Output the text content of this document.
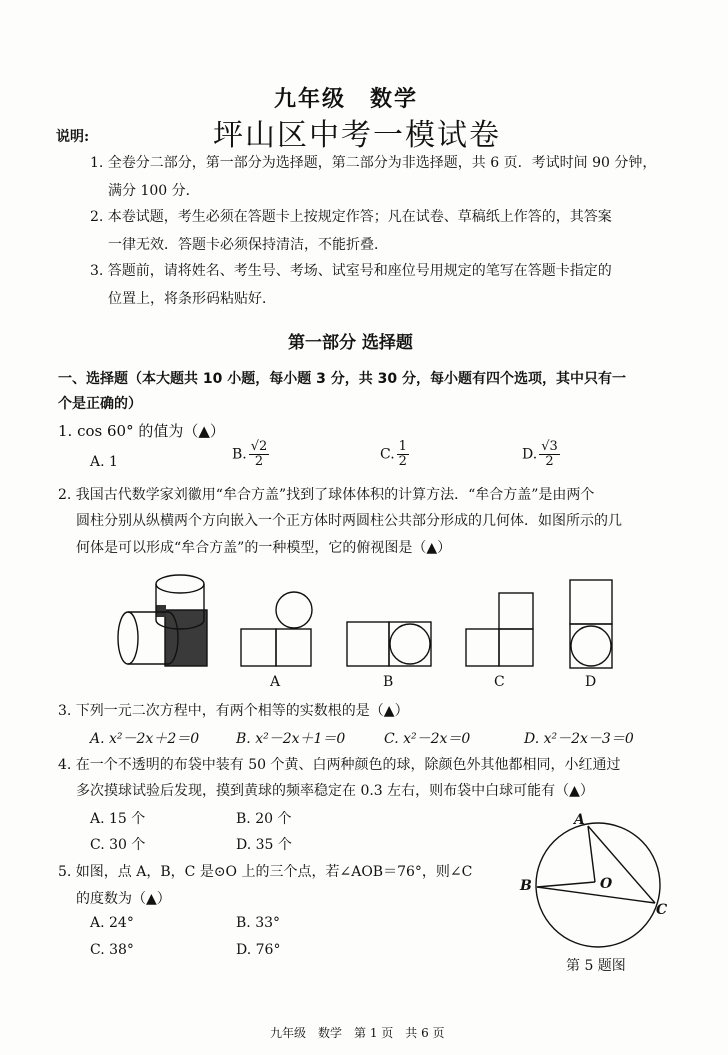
九年级　数学
坪山区中考一模试卷
说明:
1. 全卷分二部分，第一部分为选择题，第二部分为非选择题，共 6 页．考试时间 90 分钟，
满分 100 分．
2. 本卷试题，考生必须在答题卡上按规定作答；凡在试卷、草稿纸上作答的，其答案
一律无效．答题卡必须保持清洁，不能折叠．
3. 答题前，请将姓名、考生号、考场、试室号和座位号用规定的笔写在答题卡指定的
位置上，将条形码粘贴好．
第一部分 选择题
一、选择题（本大题共 10 小题，每小题 3 分，共 30 分，每小题有四个选项，其中只有一
个是正确的）
1. cos 60° 的值为（▲）
A. 1	B. $\frac{√2}{2}$	C. $\frac{1}{2}$	D. $\frac{√3}{2}$
2. 我国古代数学家刘徽用“牟合方盖”找到了球体体积的计算方法．“牟合方盖”是由两个
圆柱分别从纵横两个方向嵌入一个正方体时两圆柱公共部分形成的几何体．如图所示的几
何体是可以形成“牟合方盖”的一种模型，它的俯视图是（▲）
A	B	C	D
3. 下列一元二次方程中，有两个相等的实数根的是（▲）
A. x²－2x＋2＝0	B. x²－2x＋1＝0	C. x²－2x＝0	D. x²－2x－3＝0
4. 在一个不透明的布袋中装有 50 个黄、白两种颜色的球，除颜色外其他都相同，小红通过
多次摸球试验后发现，摸到黄球的频率稳定在 0.3 左右，则布袋中白球可能有（▲）
A. 15 个	B. 20 个
C. 30 个	D. 35 个
5. 如图，点 A，B，C 是⊙O 上的三个点，若∠AOB＝76°，则∠C
的度数为（▲）
A. 24°	B. 33°
C. 38°	D. 76°
A
B
C
O
第 5 题图
九年级　数学　第 1 页　共 6 页
